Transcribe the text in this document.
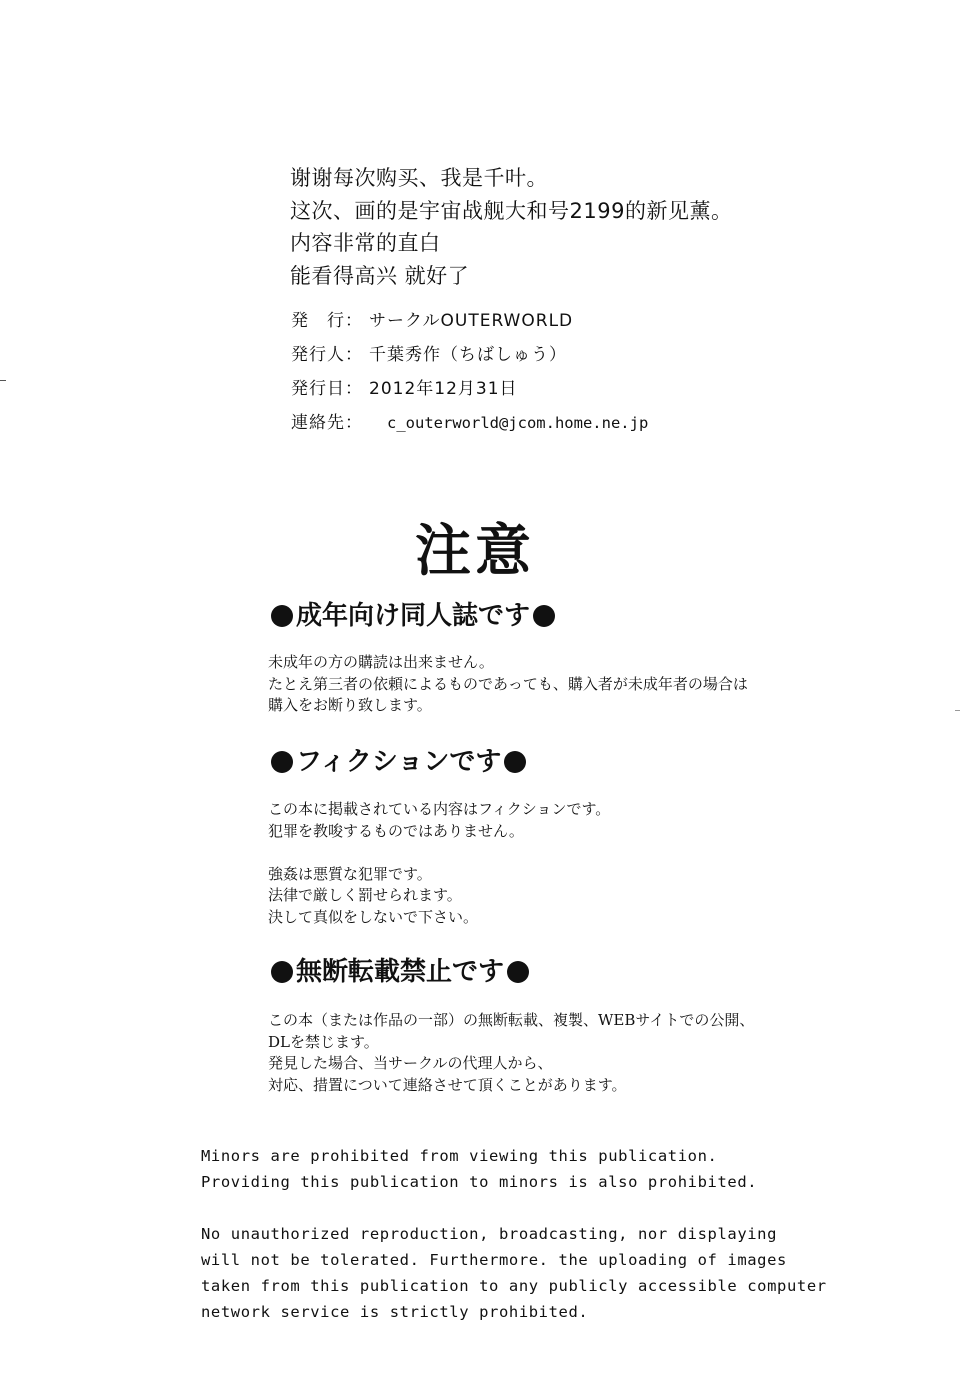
谢谢每次购买、我是千叶。
这次、画的是宇宙战舰大和号2199的新见薰。
内容非常的直白
能看得高兴 就好了
発　行： サークルOUTERWORLD
発行人： 千葉秀作（ちばしゅう）
発行日： 2012年12月31日
連絡先：	c_outerworld@jcom.home.ne.jp
注意
成年向け同人誌です
未成年の方の購読は出来ません。
たとえ第三者の依頼によるものであっても、購入者が未成年者の場合は
購入をお断り致します。
フィクションです
この本に掲載されている内容はフィクションです。
犯罪を教唆するものではありません。
強姦は悪質な犯罪です。
法律で厳しく罰せられます。
決して真似をしないで下さい。
無断転載禁止です
この本（または作品の一部）の無断転載、複製、WEBサイトでの公開、
DLを禁じます。
発見した場合、当サークルの代理人から、
対応、措置について連絡させて頂くことがあります。
Minors are prohibited from viewing this publication.
Providing this publication to minors is also prohibited.
No unauthorized reproduction, broadcasting, nor displaying
will not be tolerated. Furthermore. the uploading of images
taken from this publication to any publicly accessible computer
network service is strictly prohibited.
